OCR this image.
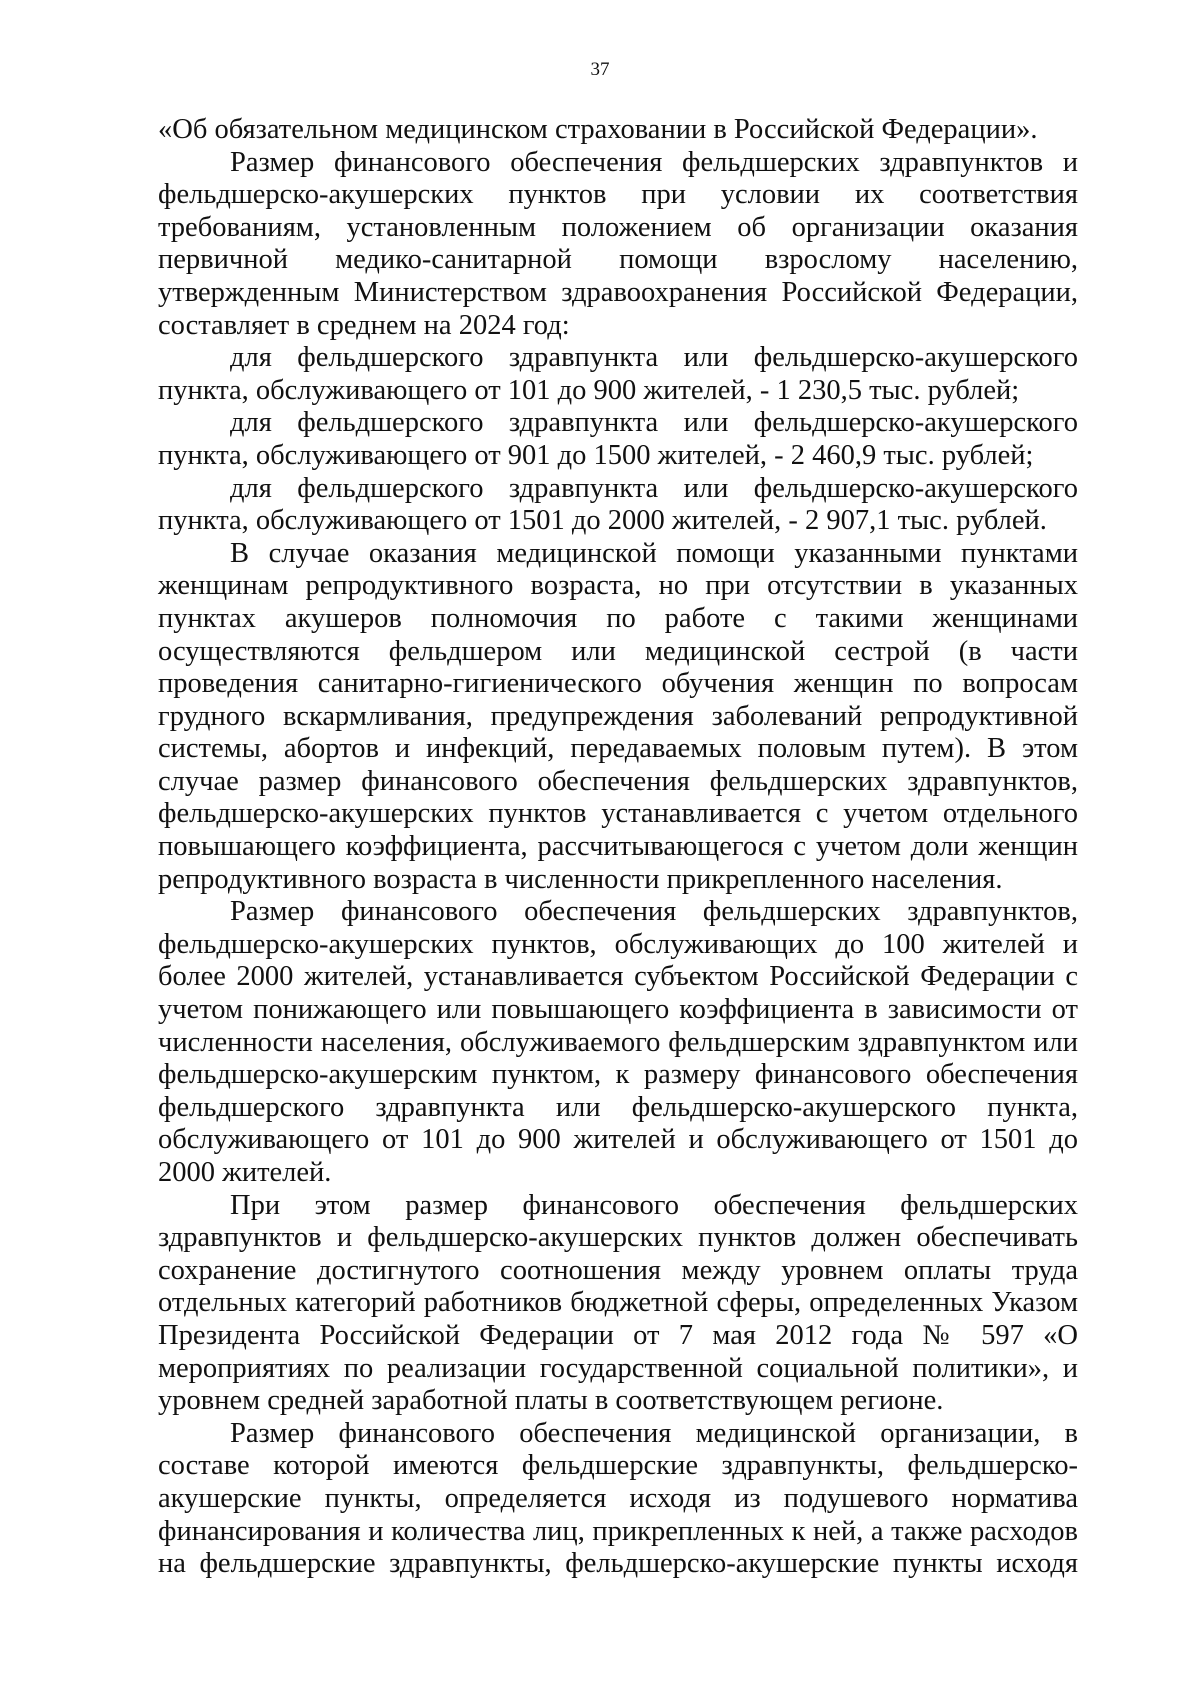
37

«Об обязательном медицинском страховании в Российской Федерации».

Размер финансового обеспечения фельдшерских здравпунктов и фельдшерско-акушерских пунктов при условии их соответствия требованиям, установленным положением об организации оказания первичной медико-санитарной помощи взрослому населению, утвержденным Министерством здравоохранения Российской Федерации, составляет в среднем на 2024 год:

для фельдшерского здравпункта или фельдшерско-акушерского пункта, обслуживающего от 101 до 900 жителей, - 1 230,5 тыс. рублей;

для фельдшерского здравпункта или фельдшерско-акушерского пункта, обслуживающего от 901 до 1500 жителей, - 2 460,9 тыс. рублей;

для фельдшерского здравпункта или фельдшерско-акушерского пункта, обслуживающего от 1501 до 2000 жителей, - 2 907,1 тыс. рублей.

В случае оказания медицинской помощи указанными пунктами женщинам репродуктивного возраста, но при отсутствии в указанных пунктах акушеров полномочия по работе с такими женщинами осуществляются фельдшером или медицинской сестрой (в части проведения санитарно-гигиенического обучения женщин по вопросам грудного вскармливания, предупреждения заболеваний репродуктивной системы, абортов и инфекций, передаваемых половым путем). В этом случае размер финансового обеспечения фельдшерских здравпунктов, фельдшерско-акушерских пунктов устанавливается с учетом отдельного повышающего коэффициента, рассчитывающегося с учетом доли женщин репродуктивного возраста в численности прикрепленного населения.

Размер финансового обеспечения фельдшерских здравпунктов, фельдшерско-акушерских пунктов, обслуживающих до 100 жителей и более 2000 жителей, устанавливается субъектом Российской Федерации с учетом понижающего или повышающего коэффициента в зависимости от численности населения, обслуживаемого фельдшерским здравпунктом или фельдшерско-акушерским пунктом, к размеру финансового обеспечения фельдшерского здравпункта или фельдшерско-акушерского пункта, обслуживающего от 101 до 900 жителей и обслуживающего от 1501 до 2000 жителей.

При этом размер финансового обеспечения фельдшерских здравпунктов и фельдшерско-акушерских пунктов должен обеспечивать сохранение достигнутого соотношения между уровнем оплаты труда отдельных категорий работников бюджетной сферы, определенных Указом Президента Российской Федерации от 7 мая 2012 года № 597 «О мероприятиях по реализации государственной социальной политики», и уровнем средней заработной платы в соответствующем регионе.

Размер финансового обеспечения медицинской организации, в составе которой имеются фельдшерские здравпункты, фельдшерско-акушерские пункты, определяется исходя из подушевого норматива финансирования и количества лиц, прикрепленных к ней, а также расходов на фельдшерские здравпункты, фельдшерско-акушерские пункты исходя
